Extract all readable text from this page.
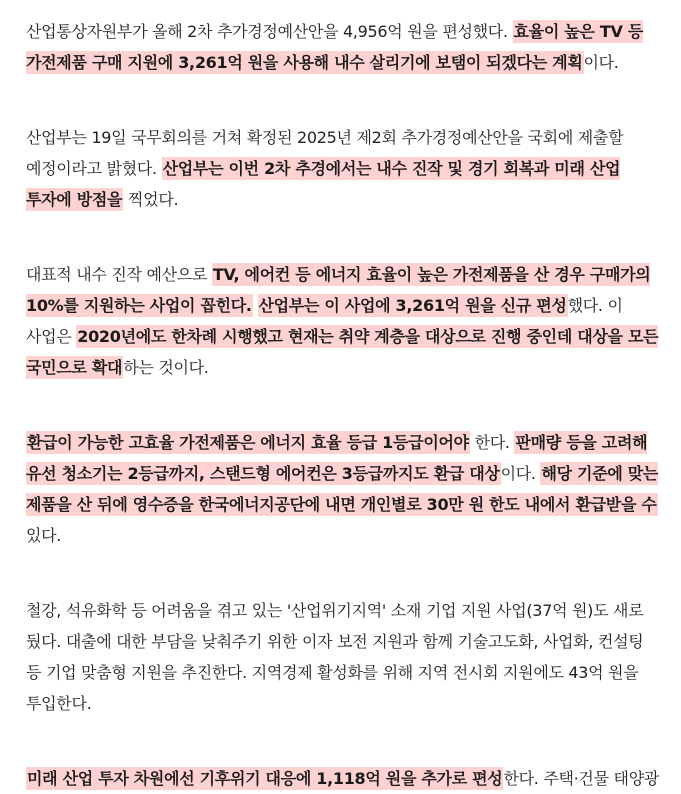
산업통상자원부가 올해 2차 추가경정예산안을 4,956억 원을 편성했다. 효율이 높은 TV 등 가전제품 구매 지원에 3,261억 원을 사용해 내수 살리기에 보탬이 되겠다는 계획이다.

산업부는 19일 국무회의를 거쳐 확정된 2025년 제2회 추가경정예산안을 국회에 제출할 예정이라고 밝혔다. 산업부는 이번 2차 추경에서는 내수 진작 및 경기 회복과 미래 산업 투자에 방점을 찍었다.

대표적 내수 진작 예산으로 TV, 에어컨 등 에너지 효율이 높은 가전제품을 산 경우 구매가의 10%를 지원하는 사업이 꼽힌다. 산업부는 이 사업에 3,261억 원을 신규 편성했다. 이 사업은 2020년에도 한차례 시행했고 현재는 취약 계층을 대상으로 진행 중인데 대상을 모든 국민으로 확대하는 것이다.

환급이 가능한 고효율 가전제품은 에너지 효율 등급 1등급이어야 한다. 판매량 등을 고려해 유선 청소기는 2등급까지, 스탠드형 에어컨은 3등급까지도 환급 대상이다. 해당 기준에 맞는 제품을 산 뒤에 영수증을 한국에너지공단에 내면 개인별로 30만 원 한도 내에서 환급받을 수 있다.

철강, 석유화학 등 어려움을 겪고 있는 '산업위기지역' 소재 기업 지원 사업(37억 원)도 새로 뒀다. 대출에 대한 부담을 낮춰주기 위한 이자 보전 지원과 함께 기술고도화, 사업화, 컨설팅 등 기업 맞춤형 지원을 추진한다. 지역경제 활성화를 위해 지역 전시회 지원에도 43억 원을 투입한다.

미래 산업 투자 차원에선 기후위기 대응에 1,118억 원을 추가로 편성한다. 주택·건물 태양광
